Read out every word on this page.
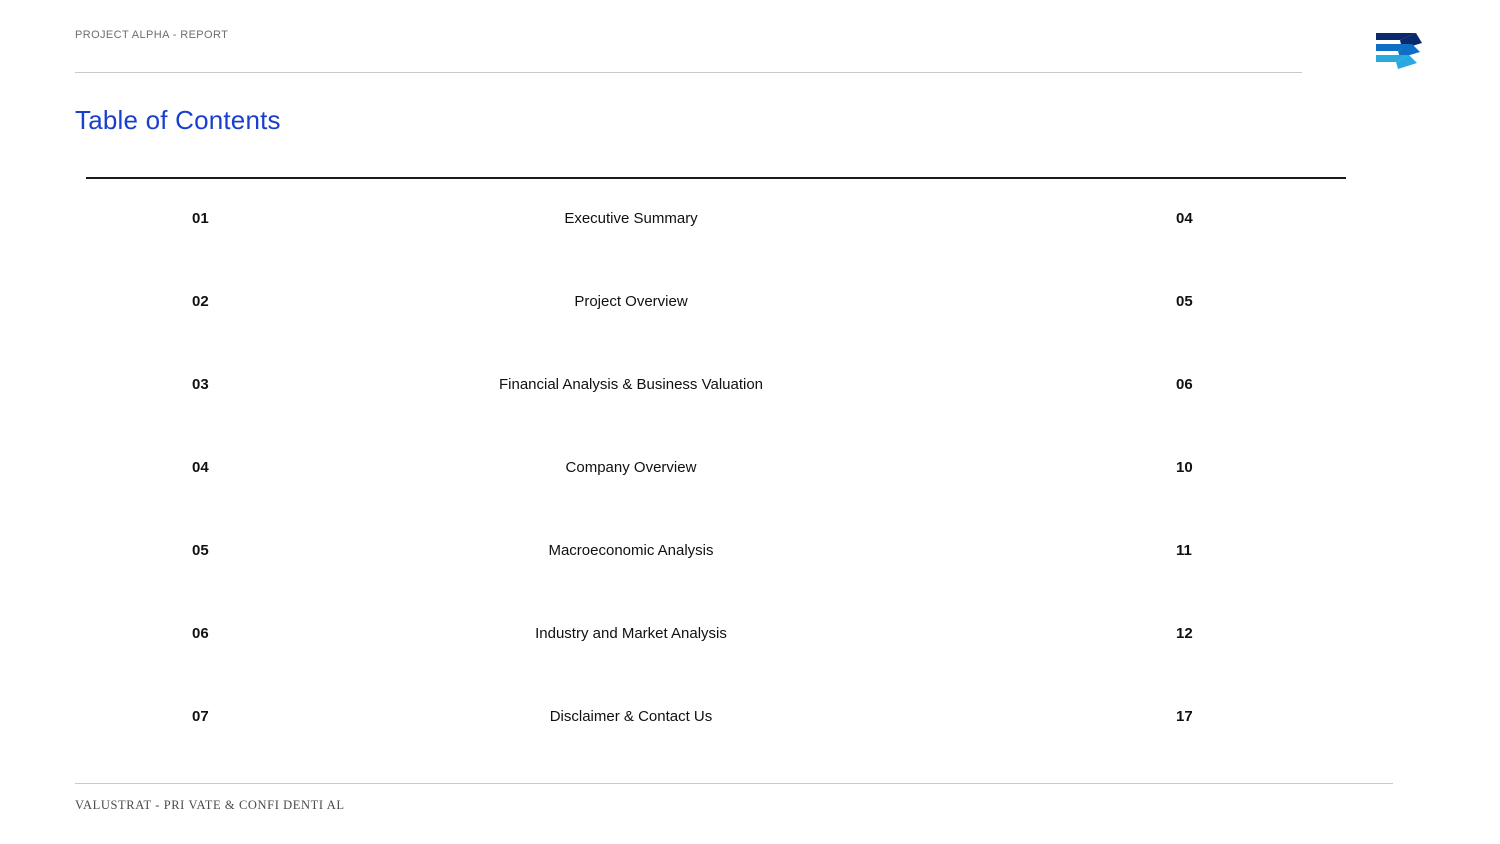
PROJECT ALPHA - REPORT
Table of Contents
01	Executive Summary	04
02	Project Overview	05
03	Financial Analysis & Business Valuation	06
04	Company Overview	10
05	Macroeconomic Analysis	11
06	Industry and Market Analysis	12
07	Disclaimer & Contact Us	17
VALUSTRAT - PRI VATE & CONFI DENTI AL
